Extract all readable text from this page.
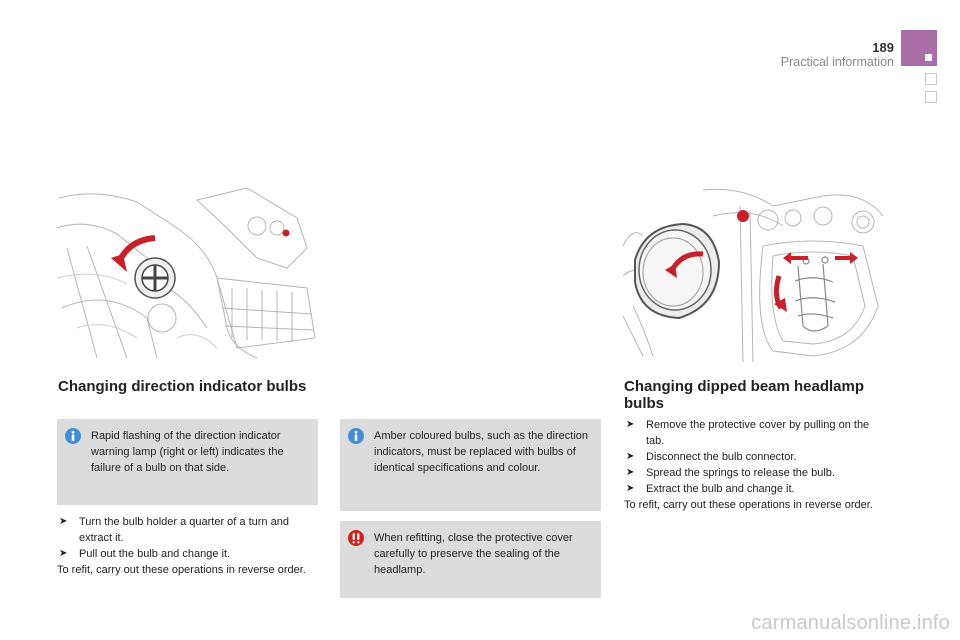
189
Practical information
Changing direction indicator bulbs
Rapid flashing of the direction indicator warning lamp (right or left) indicates the failure of a bulb on that side.
➤ Turn the bulb holder a quarter of a turn and extract it.
➤ Pull out the bulb and change it.

To refit, carry out these operations in reverse order.

Amber coloured bulbs, such as the direction indicators, must be replaced with bulbs of identical specifications and colour.
When refitting, close the protective cover carefully to preserve the sealing of the headlamp.
Changing dipped beam headlamp bulbs
➤ Remove the protective cover by pulling on the tab.
➤ Disconnect the bulb connector.
➤ Spread the springs to release the bulb.
➤ Extract the bulb and change it.

To refit, carry out these operations in reverse order.

carmanualsonline.info
